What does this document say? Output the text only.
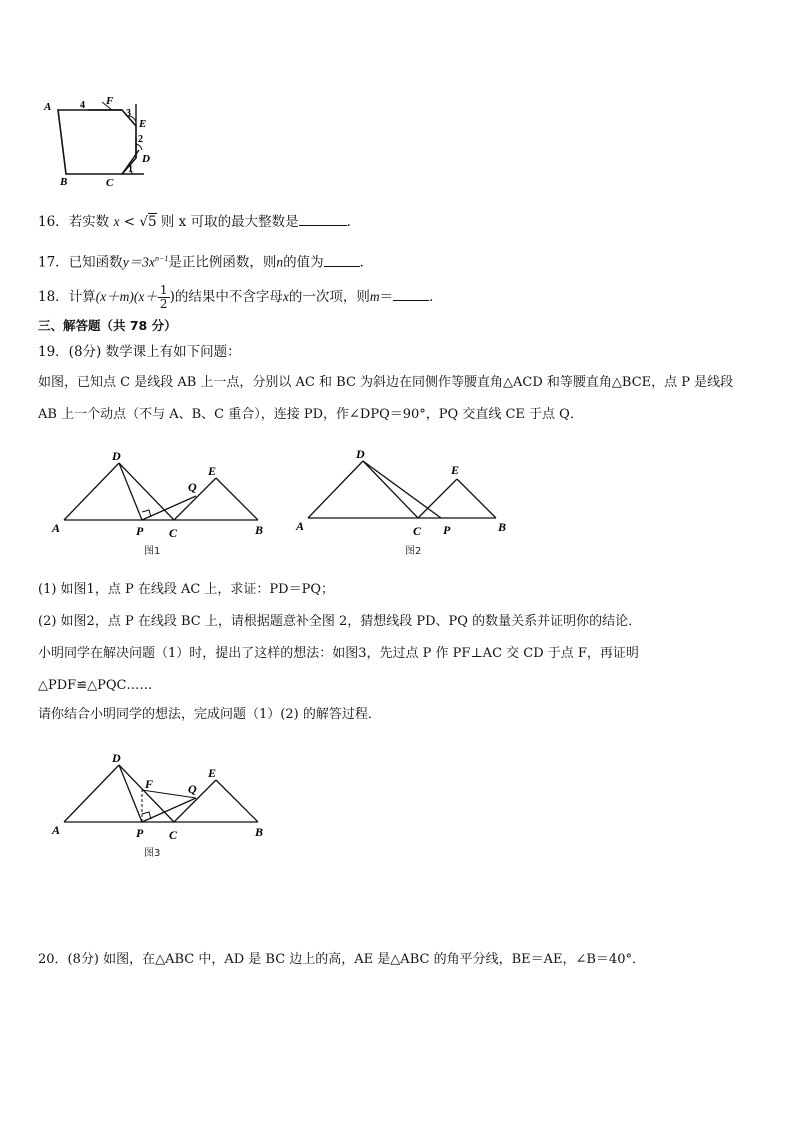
A	F
3
E
2
D
B	C
4
1
16．若实数 x < √5 则 x 可取的最大整数是	．
17．已知函数$y=3x^{n-1}$是正比例函数，则n的值为	．
18．计算$(x+m)(x+ \frac{1}{2}$ )的结果中不含字母x的一次项，则m＝	．
三、解答题（共 78 分）
19．(8分) 数学课上有如下问题：
如图，已知点 C 是线段 AB 上一点，分别以 AC 和 BC 为斜边在同侧作等腰直角△ACD 和等腰直角△BCE，点 P 是线段
AB 上一个动点（不与 A、B、C 重合），连接 PD，作∠DPQ＝90°，PQ 交直线 CE 于点 Q．
D
E
Q
A	P C	B
图1
D
E
A	C P	B
图2
(1) 如图1，点 P 在线段 AC 上，求证：PD＝PQ；
(2) 如图2，点 P 在线段 BC 上，请根据题意补全图 2，猜想线段 PD、PQ 的数量关系并证明你的结论．
小明同学在解决问题（1）时，提出了这样的想法：如图3，先过点 P 作 PF⊥AC 交 CD 于点 F，再证明
△PDF≌△PQC……
请你结合小明同学的想法，完成问题（1）(2) 的解答过程．
D
F
E
Q
A	P C	B
图3
20．(8分) 如图，在△ABC 中，AD 是 BC 边上的高，AE 是△ABC 的角平分线，BE＝AE，∠B＝40°．
